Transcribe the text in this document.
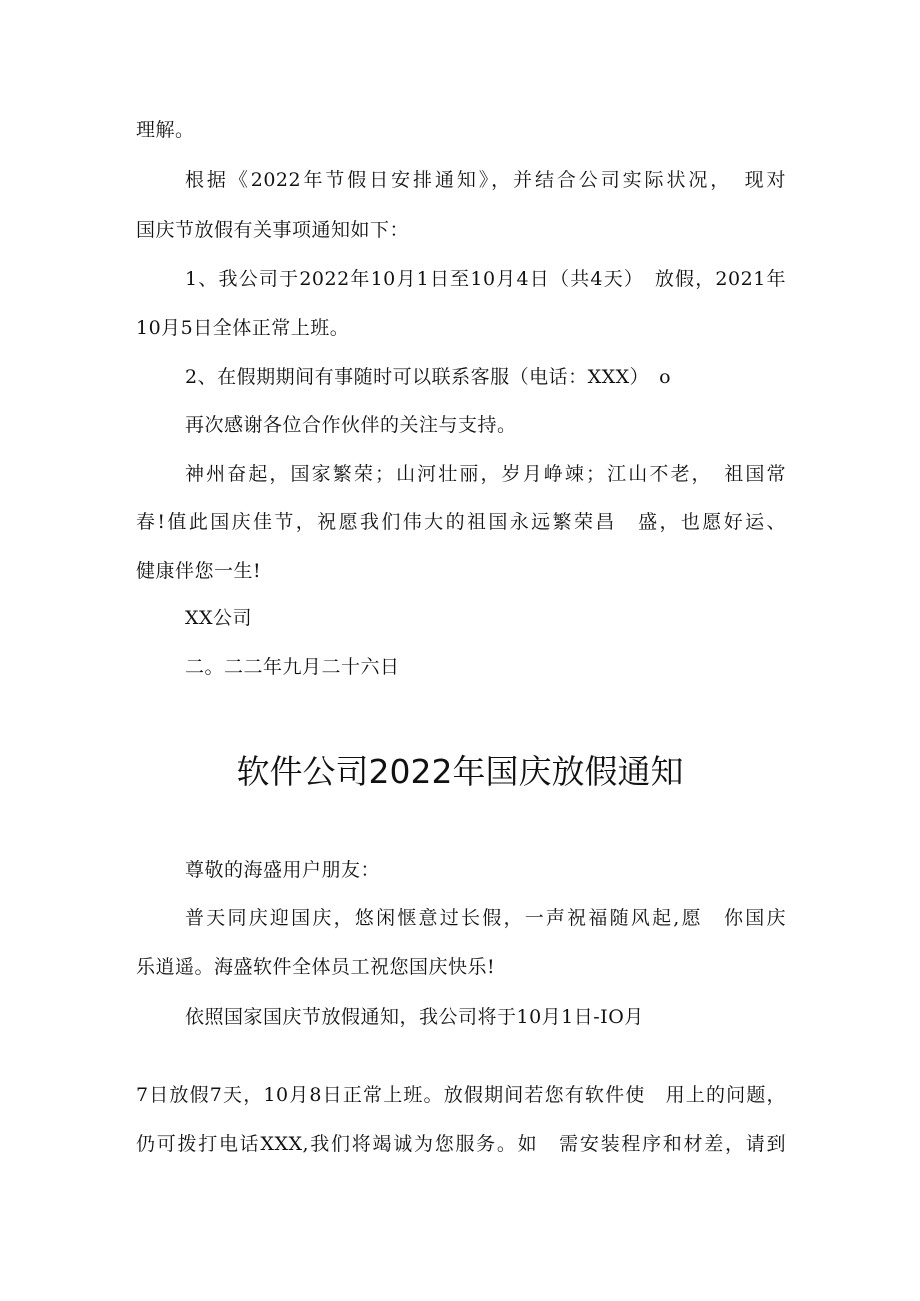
理解。
根据《2022年节假日安排通知》，并结合公司实际状况，　现对
国庆节放假有关事项通知如下：
1、我公司于2022年10月1日至10月4日（共4天）　放假，2021年
10月5日全体正常上班。
2、在假期期间有事随时可以联系客服（电话：XXX）　o
再次感谢各位合作伙伴的关注与支持。
神州奋起，国家繁荣；山河壮丽，岁月峥竦；江山不老，　祖国常
春!值此国庆佳节，祝愿我们伟大的祖国永远繁荣昌　盛，也愿好运、
健康伴您一生!
XX公司
二。二二年九月二十六日
软件公司2022年国庆放假通知
尊敬的海盛用户朋友：
普天同庆迎国庆，悠闲惬意过长假，一声祝福随风起,愿　你国庆
乐逍遥。海盛软件全体员工祝您国庆快乐!
依照国家国庆节放假通知，我公司将于10月1日-IO月
7日放假7天，10月8日正常上班。放假期间若您有软件使　用上的问题，
仍可拨打电话XXX,我们将竭诚为您服务。如　需安装程序和材差，请到
